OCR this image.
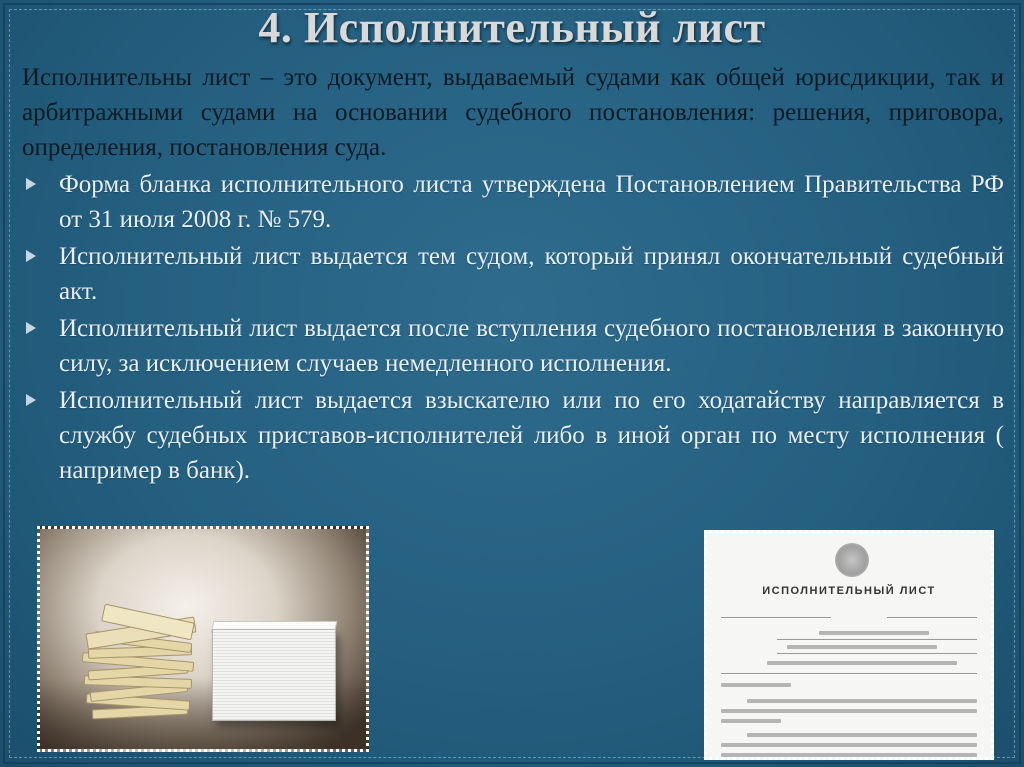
4. Исполнительный лист

Исполнительны лист – это документ, выдаваемый судами как общей юрисдикции, так и арбитражными судами на основании судебного постановления: решения, приговора, определения, постановления суда.

Форма бланка исполнительного листа утверждена Постановлением Правительства РФ от 31 июля 2008 г. № 579.
Исполнительный лист выдается тем судом, который принял окончательный судебный акт.
Исполнительный лист выдается после вступления судебного постановления в законную силу, за исключением случаев немедленного исполнения.
Исполнительный лист выдается взыскателю или по его ходатайству направляется в службу судебных приставов-исполнителей либо в иной орган по месту исполнения ( например в банк).
ИСПОЛНИТЕЛЬНЫЙ ЛИСТ
